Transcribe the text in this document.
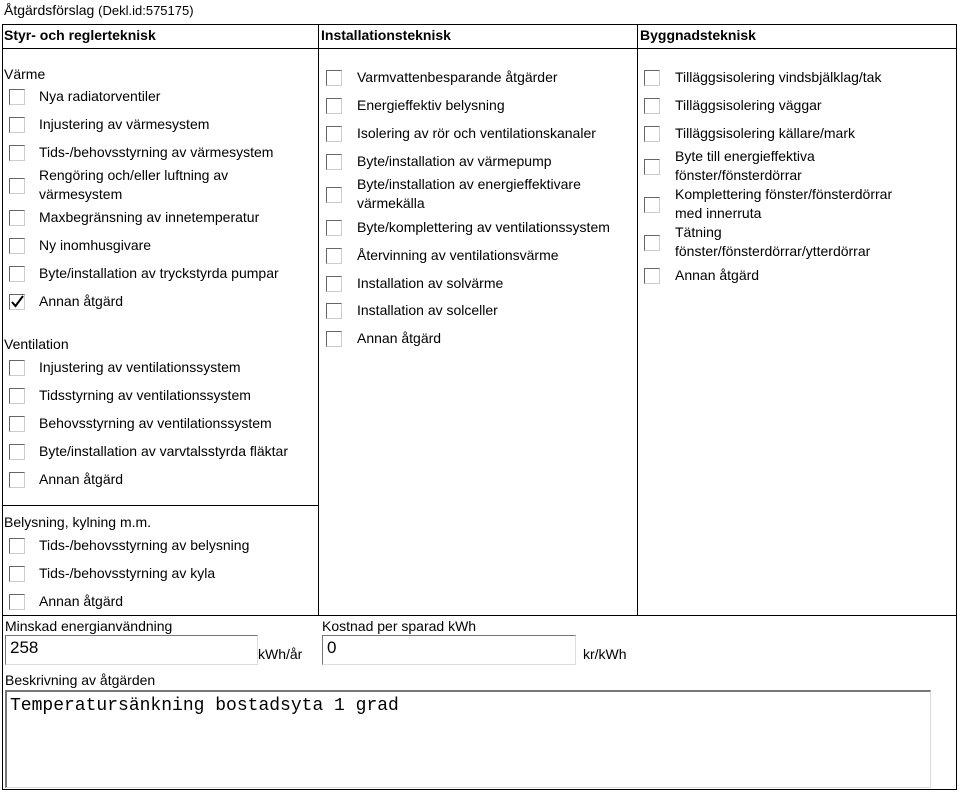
Åtgärdsförslag (Dekl.id:575175)
Styr- och reglerteknisk	Installationsteknisk	Byggnadsteknisk
Värme
Ventilation
Belysning, kylning m.m.
Nya radiatorventiler
Injustering av värmesystem
Tids-/behovsstyrning av värmesystem
Rengöring och/eller luftning av
värmesystem
Maxbegränsning av innetemperatur
Ny inomhusgivare
Byte/installation av tryckstyrda pumpar
Annan åtgärd
Injustering av ventilationssystem
Tidsstyrning av ventilationssystem
Behovsstyrning av ventilationssystem
Byte/installation av varvtalsstyrda fläktar
Annan åtgärd
Tids-/behovsstyrning av belysning
Tids-/behovsstyrning av kyla
Annan åtgärd
Varmvattenbesparande åtgärder
Energieffektiv belysning
Isolering av rör och ventilationskanaler
Byte/installation av värmepump
Byte/installation av energieffektivare
värmekälla
Byte/komplettering av ventilationssystem
Återvinning av ventilationsvärme
Installation av solvärme
Installation av solceller
Annan åtgärd
Tilläggsisolering vindsbjälklag/tak
Tilläggsisolering väggar
Tilläggsisolering källare/mark
Byte till energieffektiva
fönster/fönsterdörrar
Komplettering fönster/fönsterdörrar
med innerruta
Tätning
fönster/fönsterdörrar/ytterdörrar
Annan åtgärd
Minskad energianvändning
258	kWh/år
Kostnad per sparad kWh
0	kr/kWh
Beskrivning av åtgärden
Temperatursänkning bostadsyta 1 grad
